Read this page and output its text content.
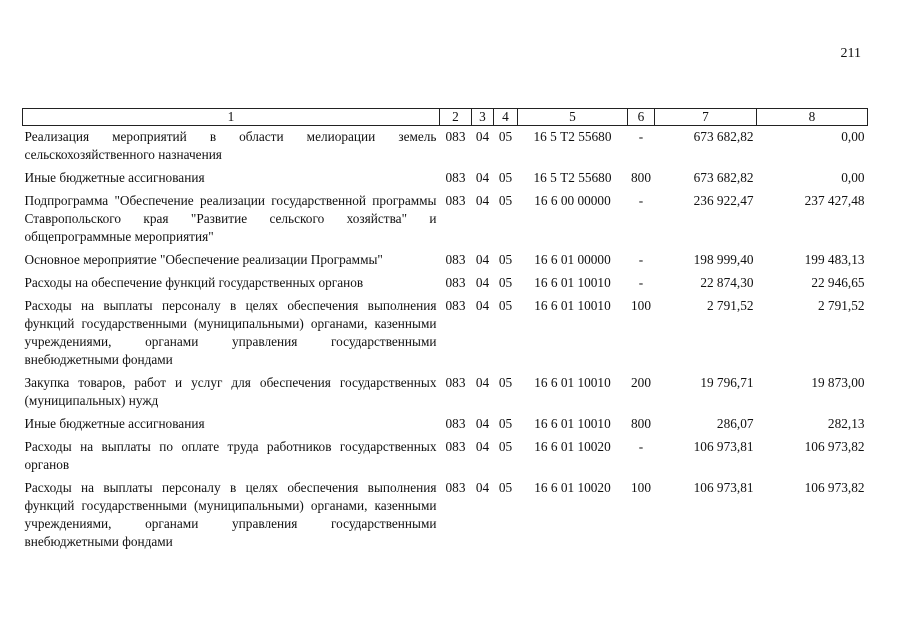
211
1	2	3	4	5	6	7	8
Реализация мероприятий в области мелиорации земель сельскохозяйственного назначения	083	04	05	16 5 Т2 55680	-	673 682,82	0,00
Иные бюджетные ассигнования	083	04	05	16 5 Т2 55680	800	673 682,82	0,00
Подпрограмма "Обеспечение реализации государственной программы Ставропольского края "Развитие сельского хозяйства" и общепрограммные мероприятия"	083	04	05	16 6 00 00000	-	236 922,47	237 427,48
Основное мероприятие "Обеспечение реализации Программы"	083	04	05	16 6 01 00000	-	198 999,40	199 483,13
Расходы на обеспечение функций государственных органов	083	04	05	16 6 01 10010	-	22 874,30	22 946,65
Расходы на выплаты персоналу в целях обеспечения выполнения функций государственными (муниципальными) органами, казенными учреждениями, органами управления государственными внебюджетными фондами	083	04	05	16 6 01 10010	100	2 791,52	2 791,52
Закупка товаров, работ и услуг для обеспечения государственных (муниципальных) нужд	083	04	05	16 6 01 10010	200	19 796,71	19 873,00
Иные бюджетные ассигнования	083	04	05	16 6 01 10010	800	286,07	282,13
Расходы на выплаты по оплате труда работников государственных органов	083	04	05	16 6 01 10020	-	106 973,81	106 973,82
Расходы на выплаты персоналу в целях обеспечения выполнения функций государственными (муниципальными) органами, казенными учреждениями, органами управления государственными внебюджетными фондами	083	04	05	16 6 01 10020	100	106 973,81	106 973,82
